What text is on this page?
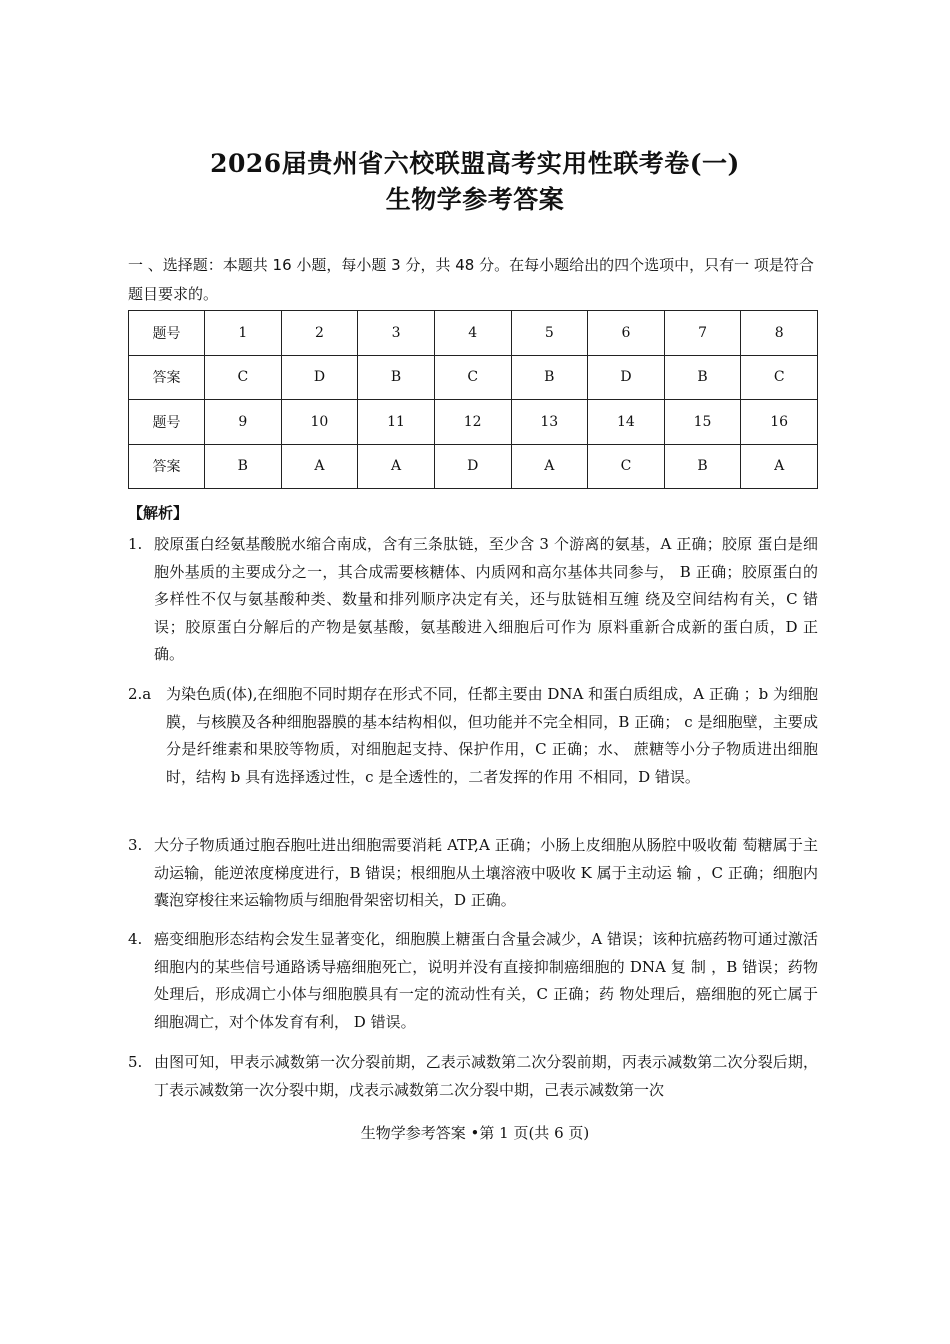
2026届贵州省六校联盟高考实用性联考卷(一)
生物学参考答案
一 、选择题：本题共 16 小题，每小题 3 分，共 48 分。在每小题给出的四个选项中，只有一 项是符合题目要求的。
题号	1	2	3	4	5	6	7	8
答案	C	D	B	C	B	D	B	C
题号	9	10	11	12	13	14	15	16
答案	B	A	A	D	A	C	B	A
【解析】
1. 胶原蛋白经氨基酸脱水缩合南成，含有三条肽链，至少含 3 个游离的氨基，A 正确；胶原 蛋白是细胞外基质的主要成分之一，其合成需要核糖体、内质网和高尔基体共同参与， B 正确；胶原蛋白的多样性不仅与氨基酸种类、数量和排列顺序决定有关，还与肽链相互缠 绕及空间结构有关，C 错误；胶原蛋白分解后的产物是氨基酸，氨基酸进入细胞后可作为 原料重新合成新的蛋白质，D 正确。
2.a 为染色质(体),在细胞不同时期存在形式不同，任都主要由 DNA 和蛋白质组成，A 正确 ；b 为细胞膜，与核膜及各种细胞器膜的基本结构相似，但功能并不完全相同，B 正确； c 是细胞壁，主要成分是纤维素和果胶等物质，对细胞起支持、保护作用，C 正确；水、 蔗糖等小分子物质进出细胞时，结构 b 具有选择透过性，c 是全透性的，二者发挥的作用 不相同，D 错误。
3. 大分子物质通过胞吞胞吐进出细胞需要消耗 ATP,A 正确；小肠上皮细胞从肠腔中吸收葡 萄糖属于主动运输，能逆浓度梯度进行，B 错误；根细胞从土壤溶液中吸收 K 属于主动运 输 ，C 正确；细胞内囊泡穿梭往来运输物质与细胞骨架密切相关，D 正确。
4. 癌变细胞形态结构会发生显著变化，细胞膜上糖蛋白含量会减少，A 错误；该种抗癌药物可通过激活细胞内的某些信号通路诱导癌细胞死亡，说明并没有直接抑制癌细胞的 DNA 复 制 ，B 错误；药物处理后，形成凋亡小体与细胞膜具有一定的流动性有关，C 正确；药 物处理后，癌细胞的死亡属于细胞凋亡，对个体发育有利， D 错误。
5. 由图可知，甲表示减数第一次分裂前期，乙表示减数第二次分裂前期，丙表示减数第二次分裂后期，丁表示减数第一次分裂中期，戊表示减数第二次分裂中期，己表示减数第一次
生物学参考答案 •第 1 页(共 6 页)
